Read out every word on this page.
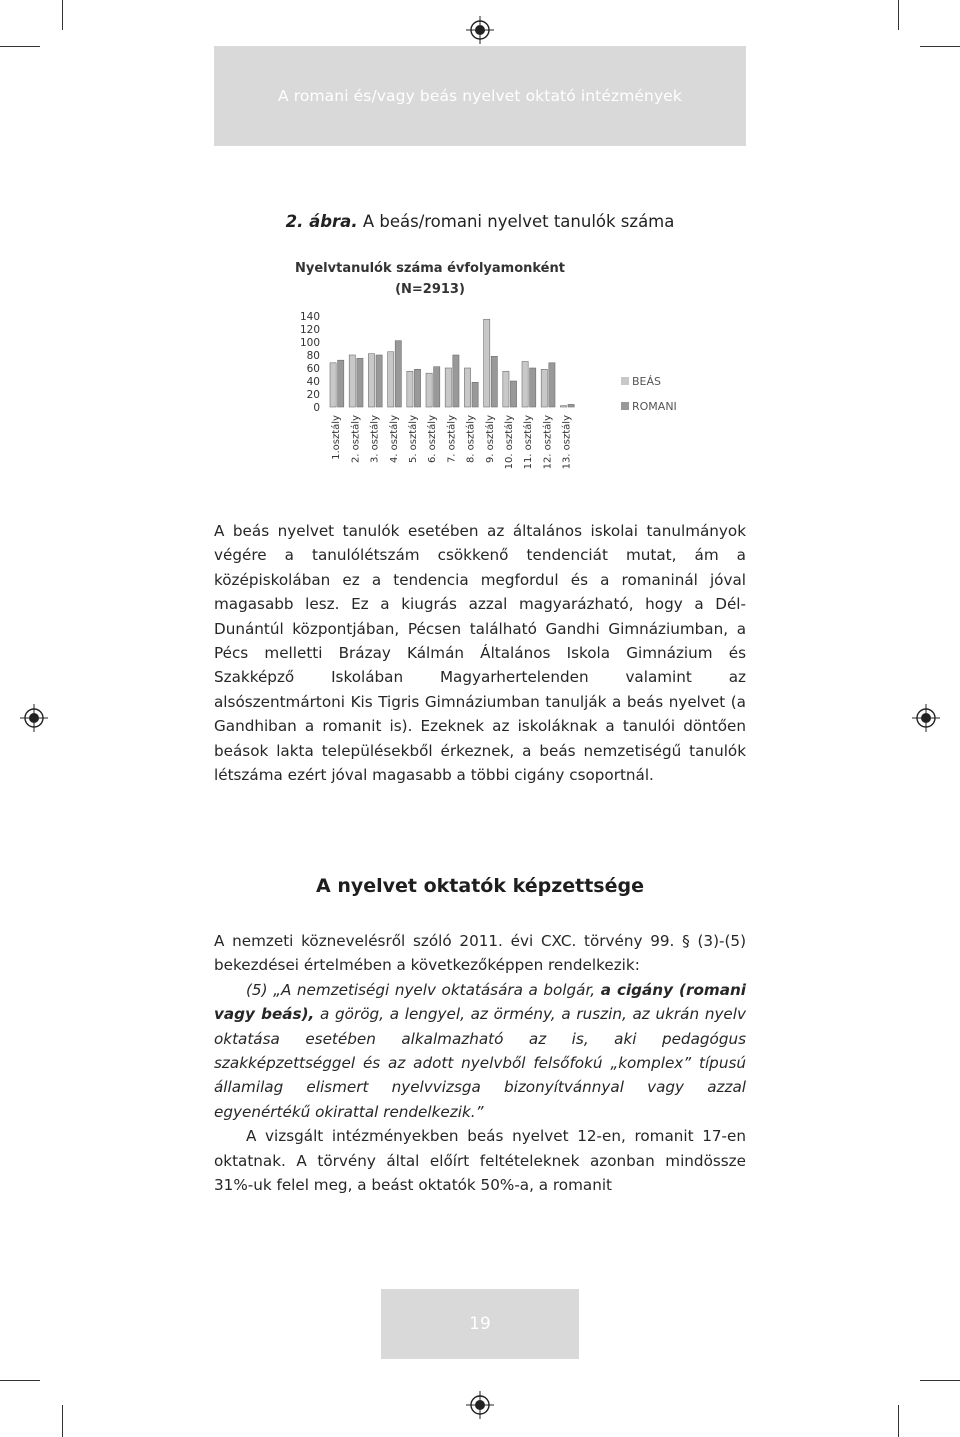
A romani és/vagy beás nyelvet oktató intézmények
2. ábra. A beás/romani nyelvet tanulók száma
Nyelvtanulók száma évfolyamonként
(N=2913)
0
20
40
60
80
100
120
140
1.osztály 2. osztály 3. osztály 4. osztály 5. osztály 6. osztály 7. osztály 8. osztály 9. osztály 10. osztály 11. osztály 12. osztály 13. osztály
BEÁS
ROMANI

A beás nyelvet tanulók esetében az általános iskolai tanulmányok végére a tanulólétszám csökkenő tendenciát mutat, ám a középiskolában ez a tendencia megfordul és a romaninál jóval magasabb lesz. Ez a kiugrás azzal magyarázható, hogy a Dél-Dunántúl központjában, Pécsen található Gandhi Gimnáziumban, a Pécs melletti Brázay Kálmán Általános Iskola Gimnázium és Szakképző Iskolában Magyarhertelenden valamint az alsószentmártoni Kis Tigris Gimnáziumban tanulják a beás nyelvet (a Gandhiban a romanit is). Ezeknek az iskoláknak a tanulói döntően beások lakta településekből érkeznek, a beás nemzetiségű tanulók létszáma ezért jóval magasabb a többi cigány csoportnál.

A nyelvet oktatók képzettsége

A nemzeti köznevelésről szóló 2011. évi CXC. törvény 99. § (3)-(5) bekezdései értelmében a következőképpen rendelkezik:

(5) „A nemzetiségi nyelv oktatására a bolgár, a cigány (romani vagy beás), a görög, a lengyel, az örmény, a ruszin, az ukrán nyelv oktatása esetében alkalmazható az is, aki pedagógus szakképzettséggel és az adott nyelvből felsőfokú „komplex” típusú államilag elismert nyelvvizsga bizonyítvánnyal vagy azzal egyenértékű okirattal rendelkezik.”

A vizsgált intézményekben beás nyelvet 12-en, romanit 17-en oktatnak. A törvény által előírt feltételeknek azonban mindössze 31%-uk felel meg, a beást oktatók 50%-a, a romanit

19
